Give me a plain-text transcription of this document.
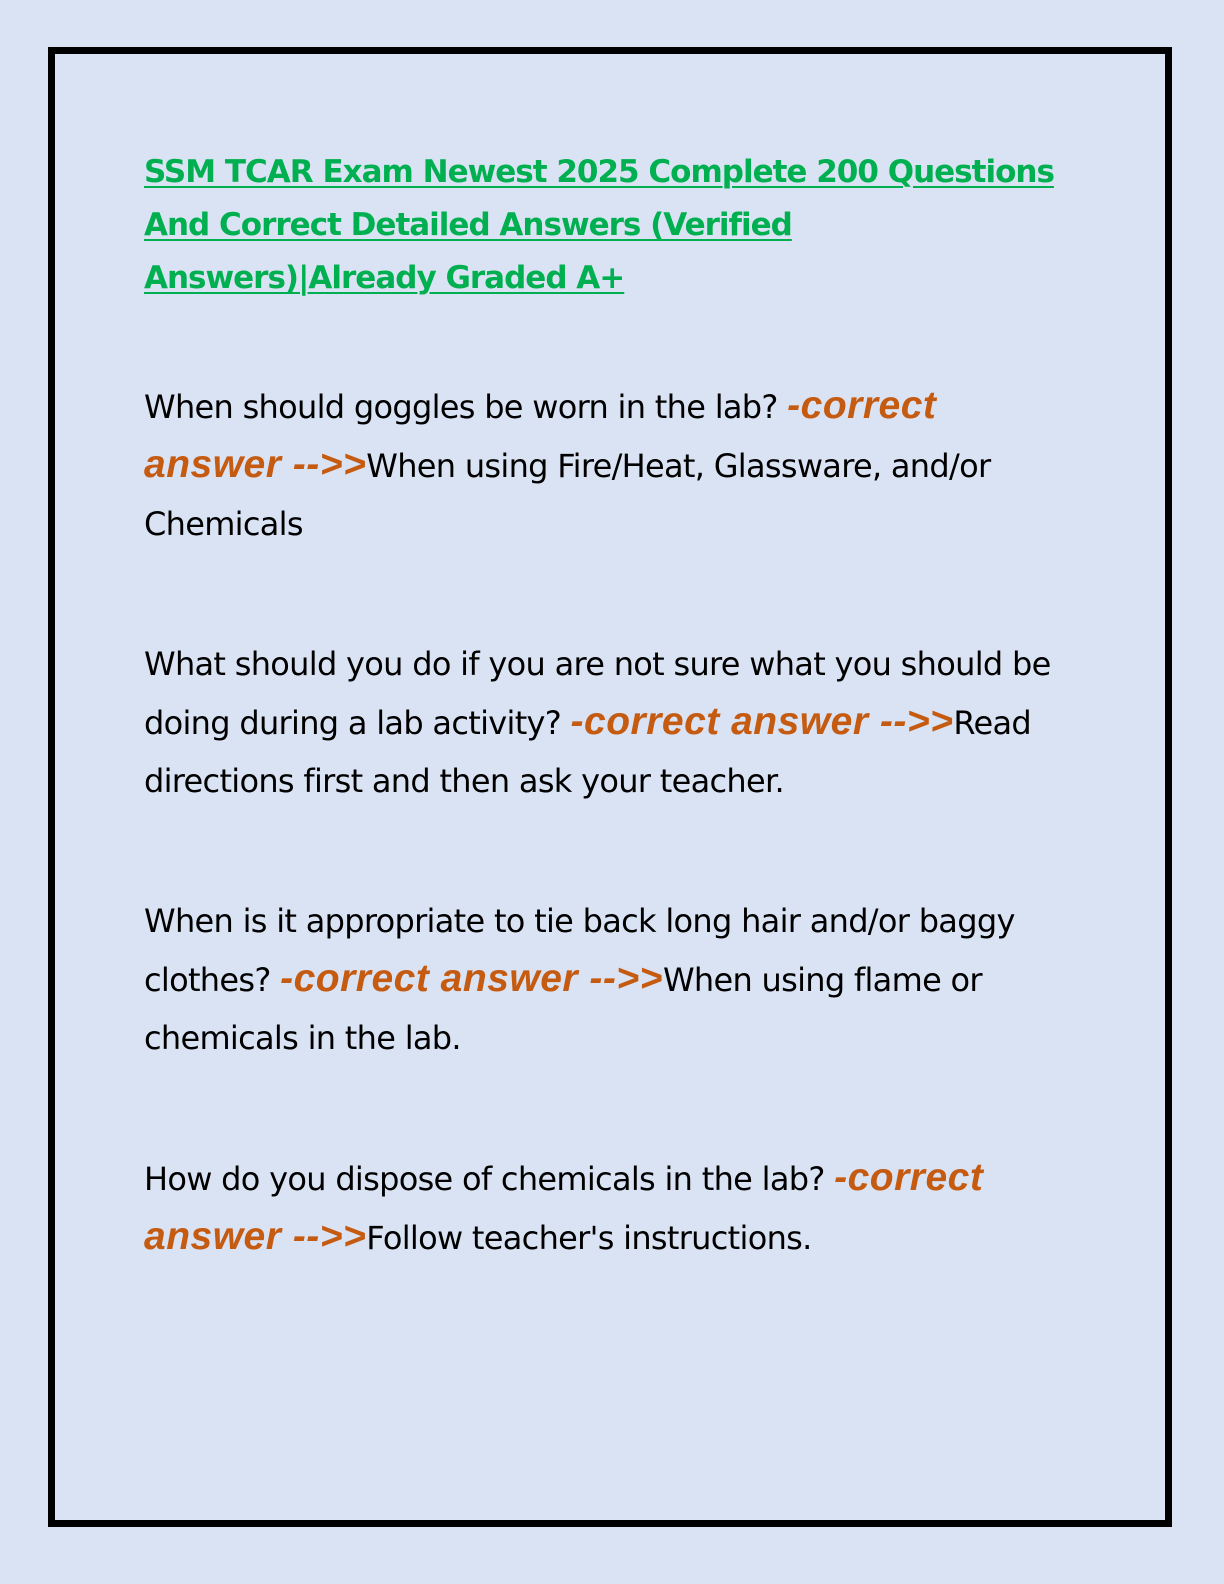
SSM TCAR Exam Newest 2025 Complete 200 Questions And Correct Detailed Answers (Verified Answers)|Already Graded A+

When should goggles be worn in the lab? -correct answer -->>When using Fire/Heat, Glassware, and/or Chemicals

What should you do if you are not sure what you should be doing during a lab activity? -correct answer -->>Read directions first and then ask your teacher.

When is it appropriate to tie back long hair and/or baggy clothes? -correct answer -->>When using flame or chemicals in the lab.

How do you dispose of chemicals in the lab? -correct answer -->>Follow teacher's instructions.
